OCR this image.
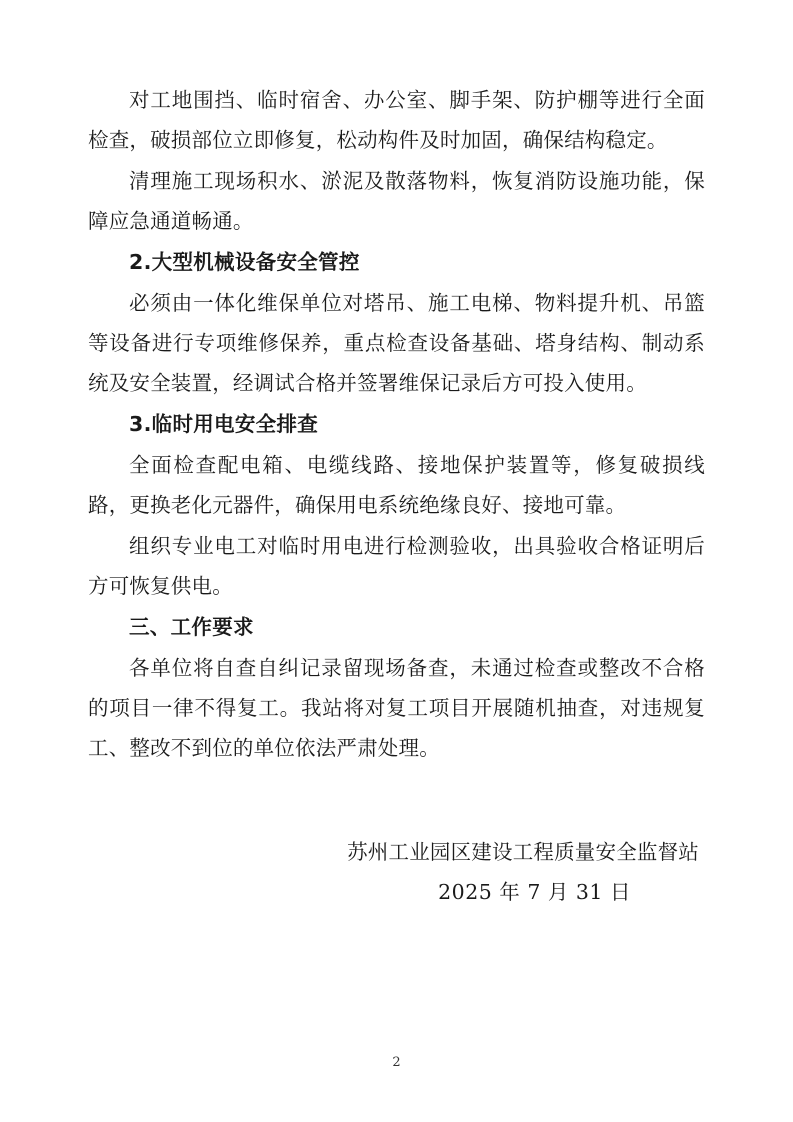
对工地围挡、临时宿舍、办公室、脚手架、防护棚等进行全面检查，破损部位立即修复，松动构件及时加固，确保结构稳定。

清理施工现场积水、淤泥及散落物料，恢复消防设施功能，保障应急通道畅通。

2.大型机械设备安全管控

必须由一体化维保单位对塔吊、施工电梯、物料提升机、吊篮等设备进行专项维修保养，重点检查设备基础、塔身结构、制动系统及安全装置，经调试合格并签署维保记录后方可投入使用。

3.临时用电安全排查

全面检查配电箱、电缆线路、接地保护装置等，修复破损线路，更换老化元器件，确保用电系统绝缘良好、接地可靠。

组织专业电工对临时用电进行检测验收，出具验收合格证明后方可恢复供电。

三、工作要求

各单位将自查自纠记录留现场备查，未通过检查或整改不合格的项目一律不得复工。我站将对复工项目开展随机抽查，对违规复工、整改不到位的单位依法严肃处理。

苏州工业园区建设工程质量安全监督站
2025 年 7 月 31 日
2
